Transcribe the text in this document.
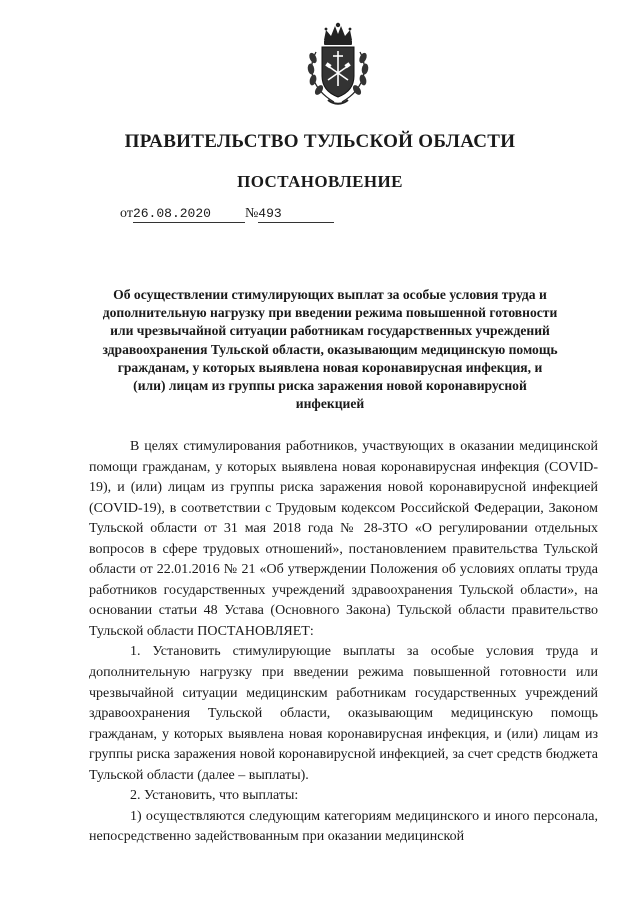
ПРАВИТЕЛЬСТВО ТУЛЬСКОЙ ОБЛАСТИ
ПОСТАНОВЛЕНИЕ
от26.08.2020 №493

Об осуществлении стимулирующих выплат за особые условия труда и дополнительную нагрузку при введении режима повышенной готовности или чрезвычайной ситуации работникам государственных учреждений здравоохранения Тульской области, оказывающим медицинскую помощь гражданам, у которых выявлена новая коронавирусная инфекция, и (или) лицам из группы риска заражения новой коронавирусной инфекцией

В целях стимулирования работников, участвующих в оказании медицинской помощи гражданам, у которых выявлена новая коронавирусная инфекция (COVID-19), и (или) лицам из группы риска заражения новой коронавирусной инфекцией (COVID-19), в соответствии с Трудовым кодексом Российской Федерации, Законом Тульской области от 31 мая 2018 года № 28-ЗТО «О регулировании отдельных вопросов в сфере трудовых отношений», постановлением правительства Тульской области от 22.01.2016 № 21 «Об утверждении Положения об условиях оплаты труда работников государственных учреждений здравоохранения Тульской области», на основании статьи 48 Устава (Основного Закона) Тульской области правительство Тульской области ПОСТАНОВЛЯЕТ:

1. Установить стимулирующие выплаты за особые условия труда и дополнительную нагрузку при введении режима повышенной готовности или чрезвычайной ситуации медицинским работникам государственных учреждений здравоохранения Тульской области, оказывающим медицинскую помощь гражданам, у которых выявлена новая коронавирусная инфекция, и (или) лицам из группы риска заражения новой коронавирусной инфекцией, за счет средств бюджета Тульской области (далее – выплаты).

2. Установить, что выплаты:

1) осуществляются следующим категориям медицинского и иного персонала, непосредственно задействованным при оказании медицинской
